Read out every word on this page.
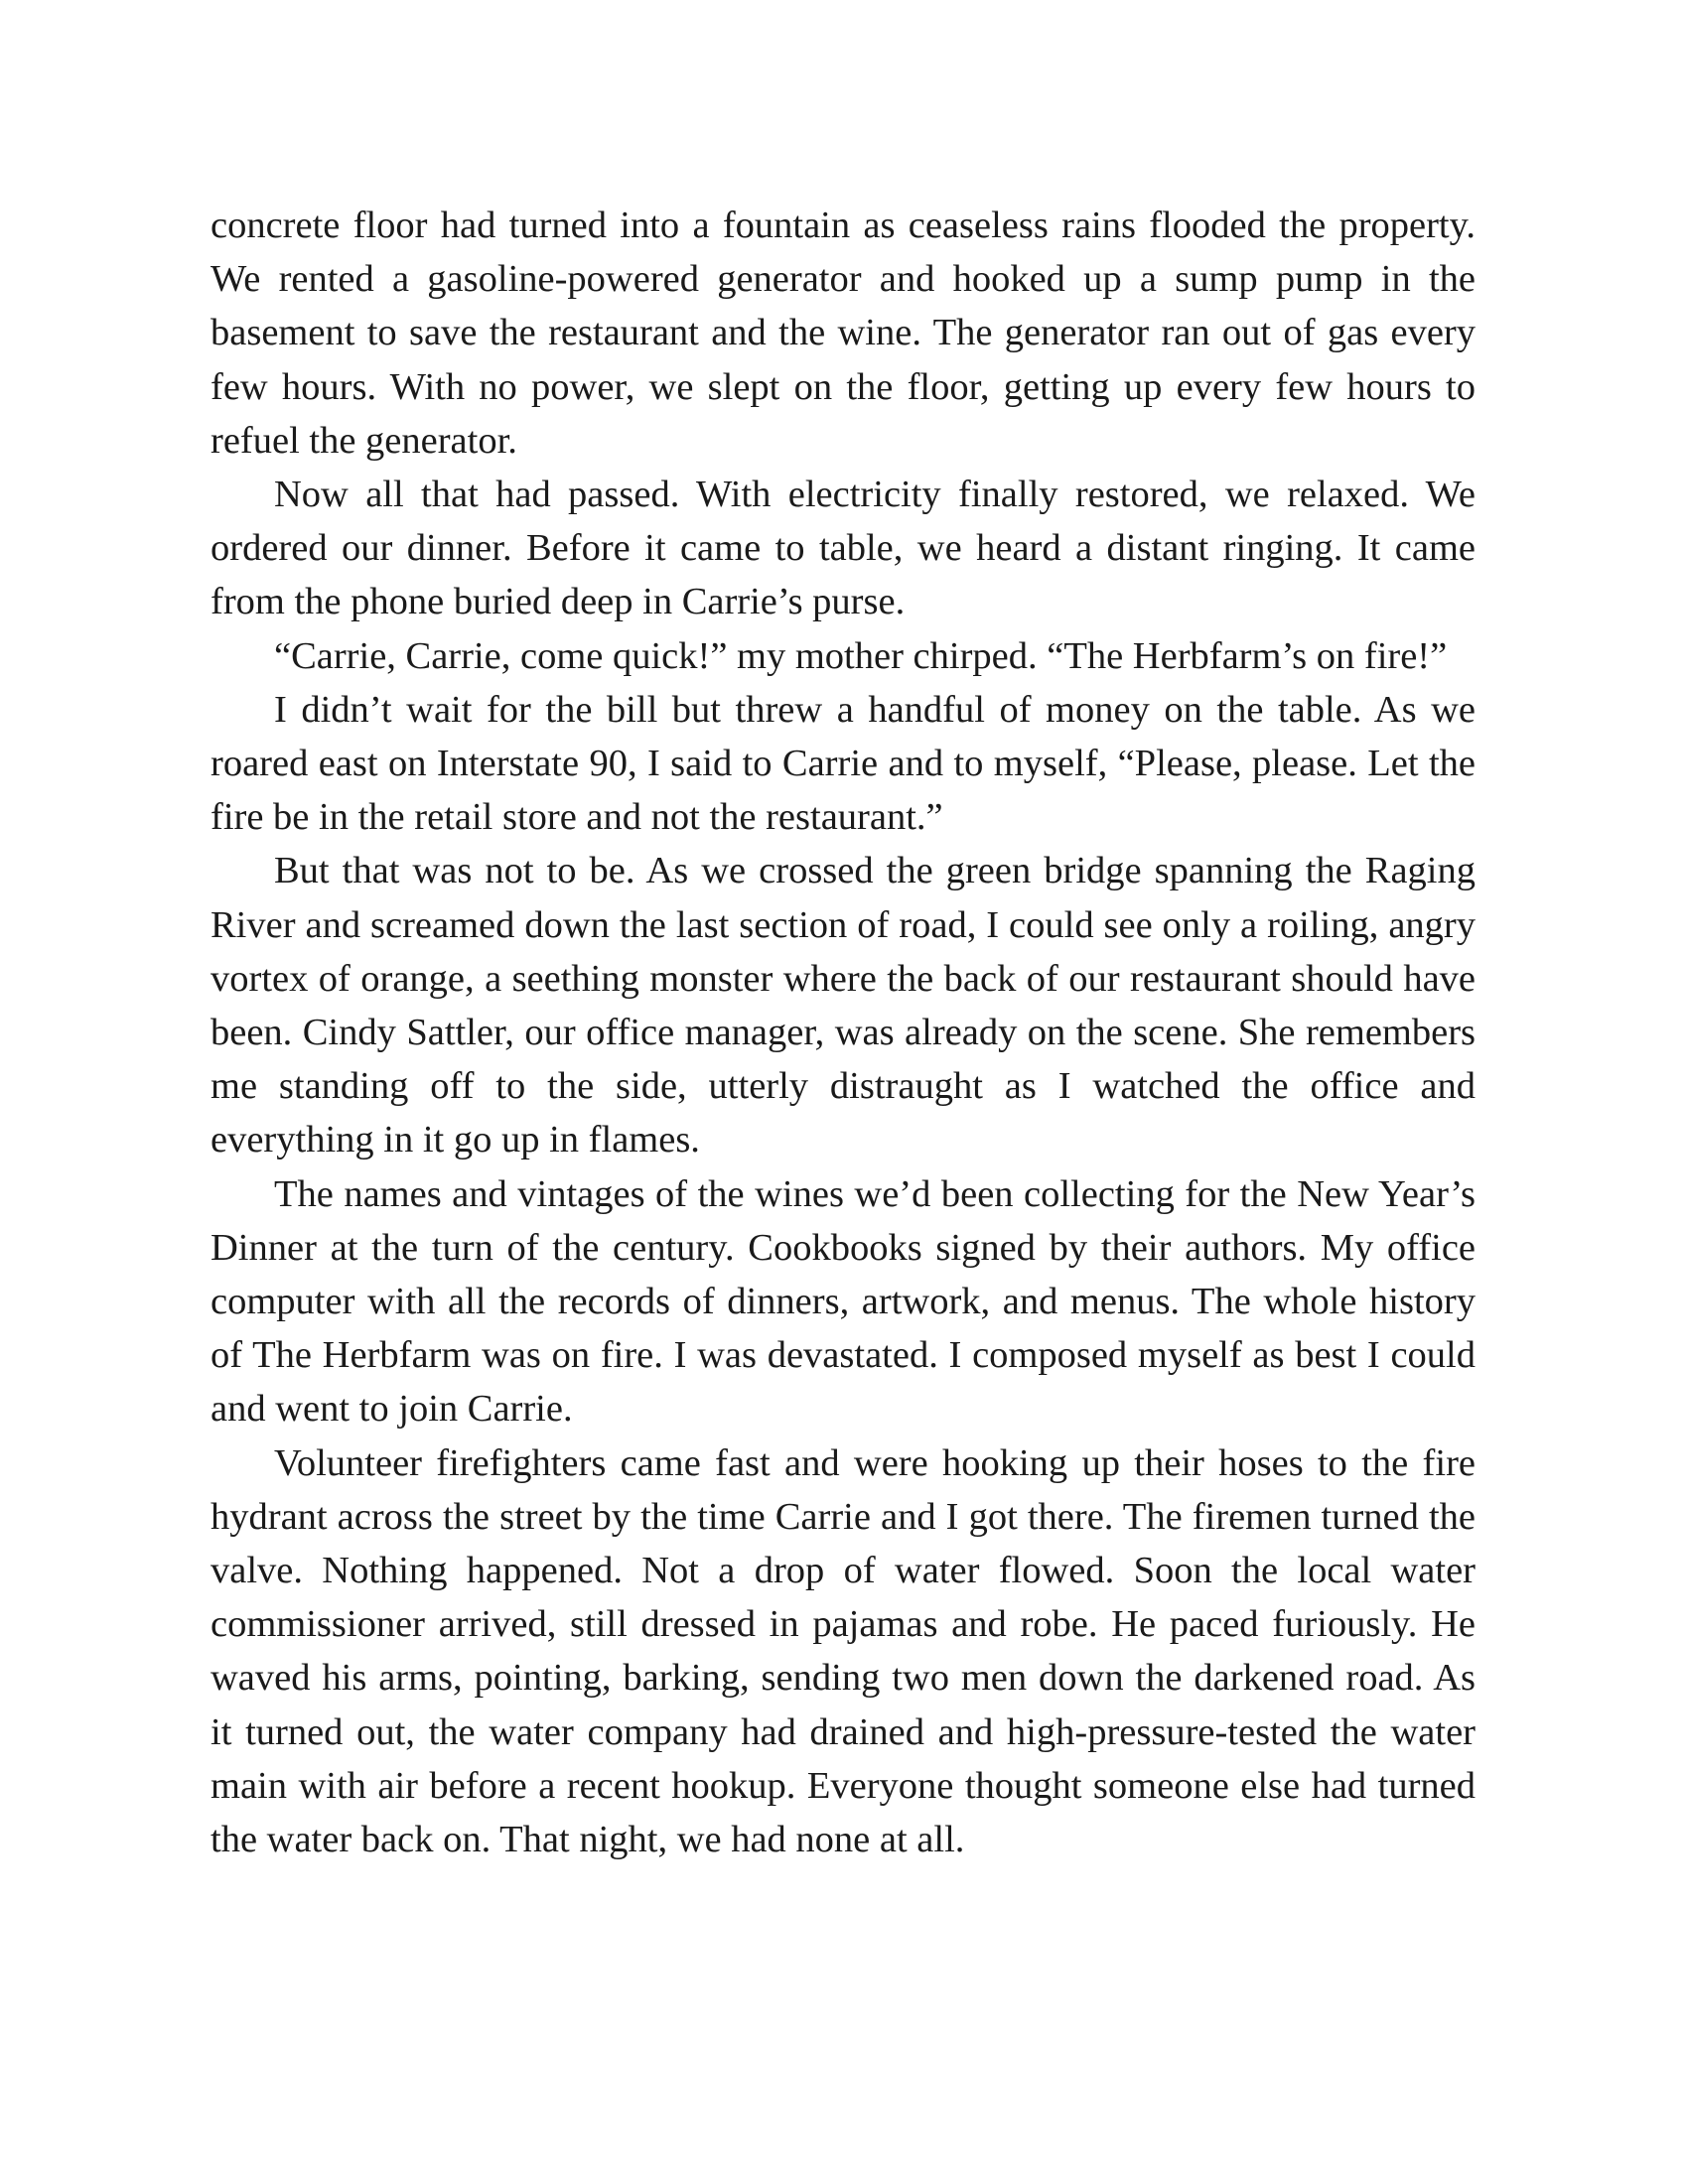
concrete floor had turned into a fountain as ceaseless rains flooded the property. We rented a gasoline-powered generator and hooked up a sump pump in the basement to save the restaurant and the wine. The generator ran out of gas every few hours. With no power, we slept on the floor, getting up every few hours to refuel the generator.

Now all that had passed. With electricity finally restored, we relaxed. We ordered our dinner. Before it came to table, we heard a distant ringing. It came from the phone buried deep in Carrie’s purse.

“Carrie, Carrie, come quick!” my mother chirped. “The Herbfarm’s on fire!”

I didn’t wait for the bill but threw a handful of money on the table. As we roared east on Interstate 90, I said to Carrie and to myself, “Please, please. Let the fire be in the retail store and not the restaurant.”

But that was not to be. As we crossed the green bridge spanning the Raging River and screamed down the last section of road, I could see only a roiling, angry vortex of orange, a seething monster where the back of our restaurant should have been. Cindy Sattler, our office manager, was already on the scene. She remembers me standing off to the side, utterly distraught as I watched the office and everything in it go up in flames.

The names and vintages of the wines we’d been collecting for the New Year’s Dinner at the turn of the century. Cookbooks signed by their authors. My office computer with all the records of dinners, artwork, and menus. The whole history of The Herbfarm was on fire. I was devastated. I composed myself as best I could and went to join Carrie.

Volunteer firefighters came fast and were hooking up their hoses to the fire hydrant across the street by the time Carrie and I got there. The firemen turned the valve. Nothing happened. Not a drop of water flowed. Soon the local water commissioner arrived, still dressed in pajamas and robe. He paced furiously. He waved his arms, pointing, barking, sending two men down the darkened road. As it turned out, the water company had drained and high-pressure-tested the water main with air before a recent hookup. Everyone thought someone else had turned the water back on. That night, we had none at all.
